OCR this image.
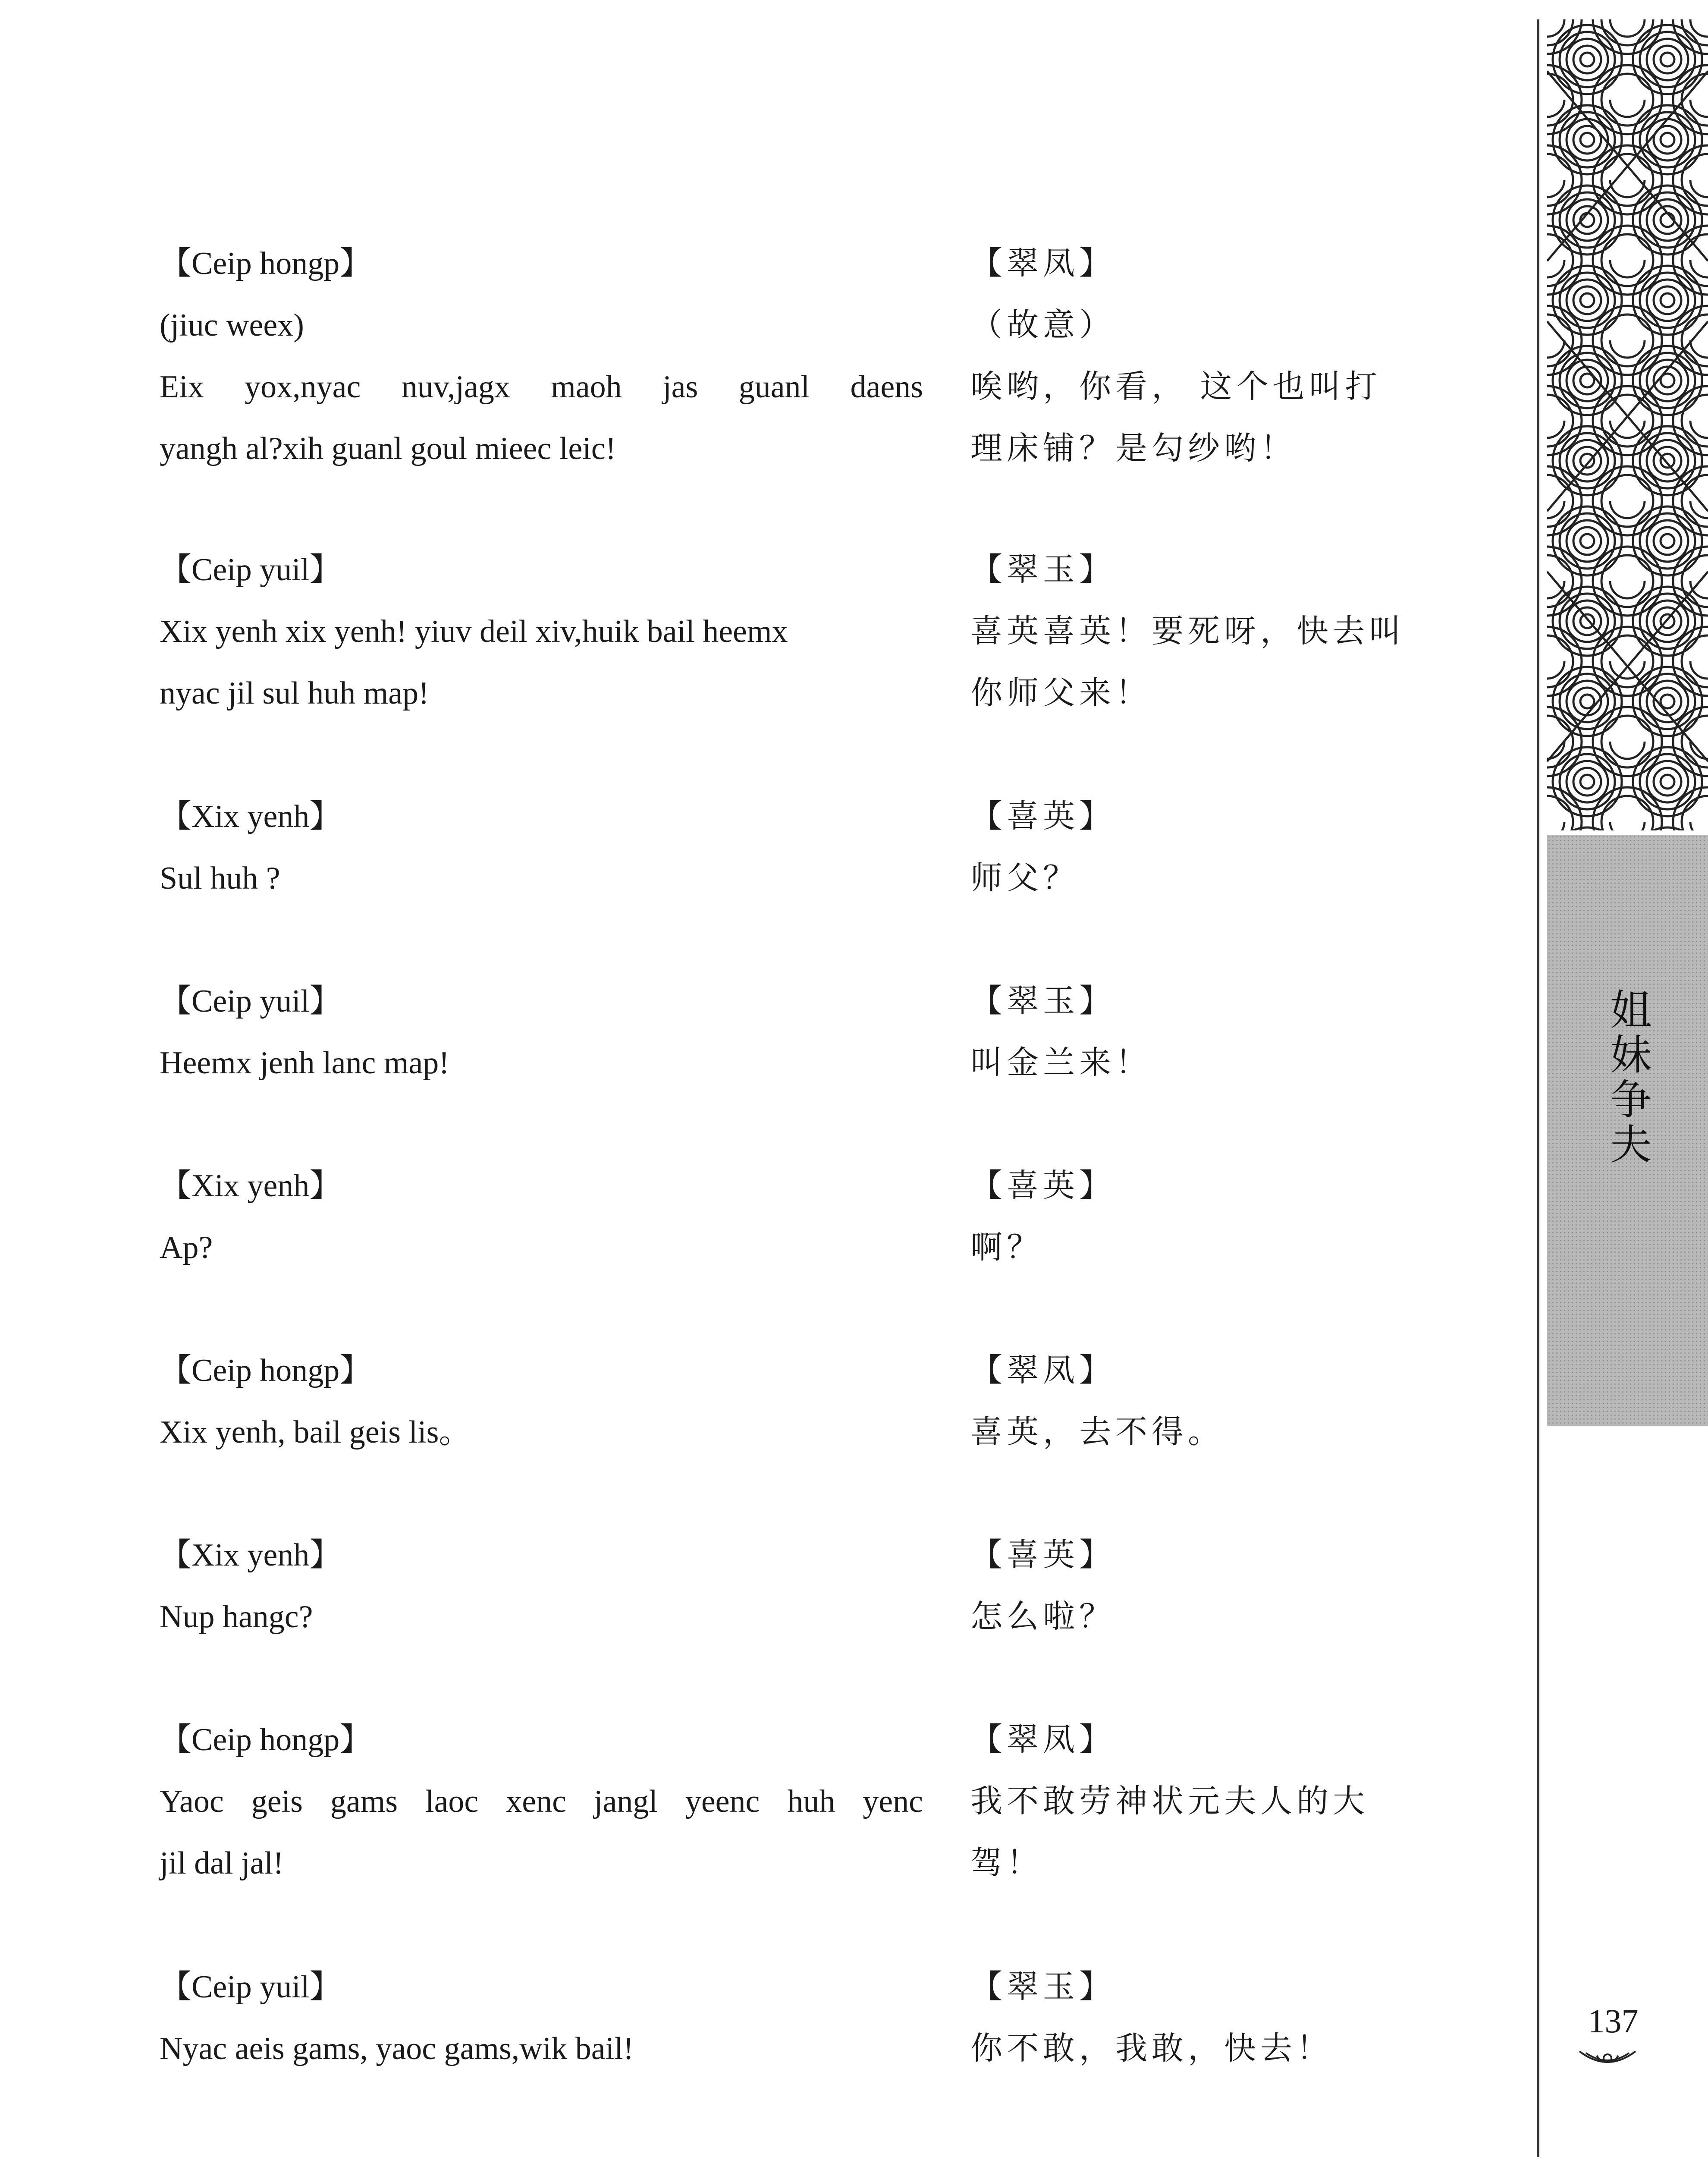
【Ceip hongp】
(jiuc weex)
Eix yox,nyac nuv,jagx maoh jas guanl daens
yangh al?xih guanl goul mieec leic!
【翠凤】
（故意）
唉哟，你看， 这个也叫打
理床铺？是勾纱哟！
【Ceip yuil】
Xix yenh xix yenh! yiuv deil xiv,huik bail heemx
nyac jil sul huh map!
【翠玉】
喜英喜英！要死呀，快去叫
你师父来！
【Xix yenh】
Sul huh ?
【喜英】
师父？
【Ceip yuil】
Heemx jenh lanc map!
【翠玉】
叫金兰来！
【Xix yenh】
Ap?
【喜英】
啊？
【Ceip hongp】
Xix yenh, bail geis lis。
【翠凤】
喜英，去不得。
【Xix yenh】
Nup hangc?
【喜英】
怎么啦？
【Ceip hongp】
Yaoc geis gams laoc xenc jangl yeenc huh yenc
jil dal jal!
【翠凤】
我不敢劳神状元夫人的大
驾！
【Ceip yuil】
Nyac aeis gams, yaoc gams,wik bail!
【翠玉】
你不敢，我敢，快去！
姐妹争夫
137
